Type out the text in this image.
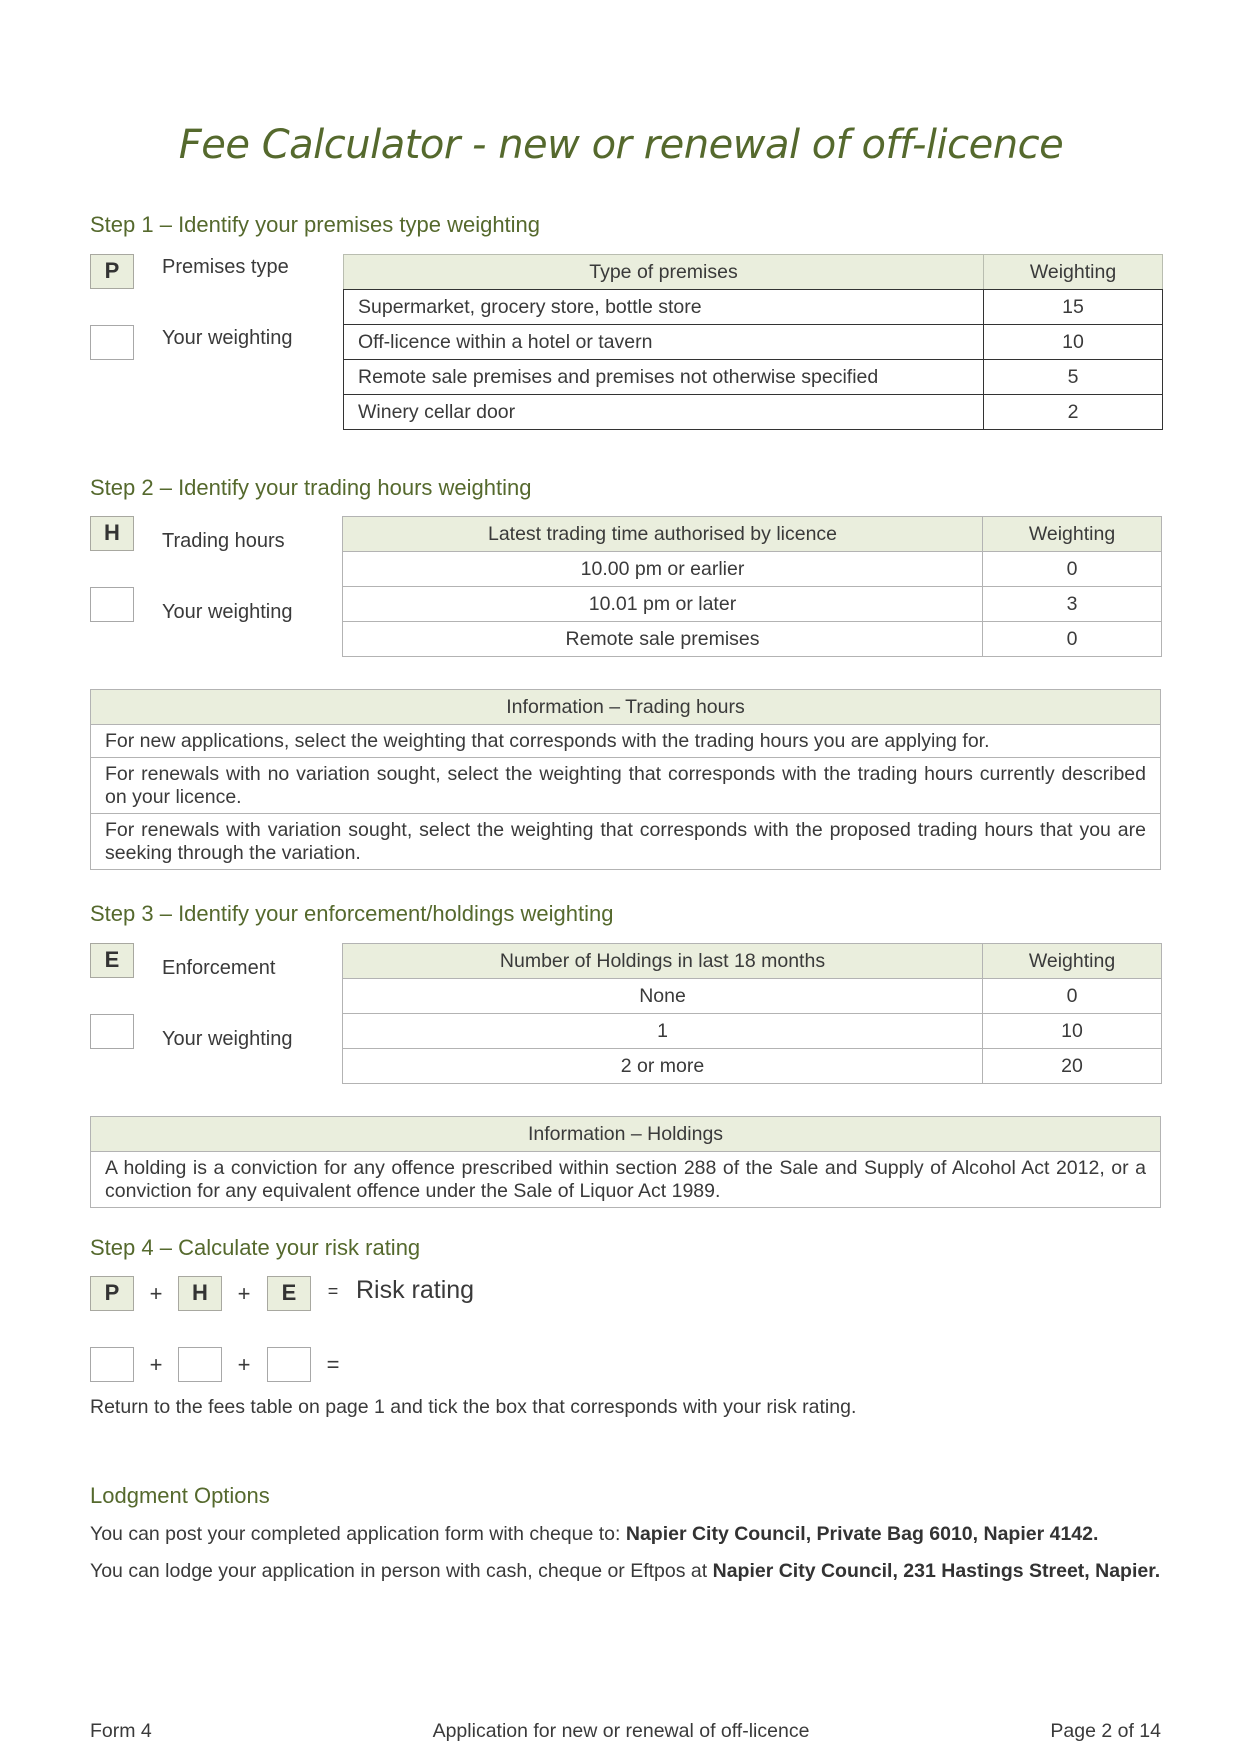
Fee Calculator - new or renewal of off-licence
Step 1 – Identify your premises type weighting
P	Premises type
Your weighting
Type of premises	Weighting
Supermarket, grocery store, bottle store	15
Off-licence within a hotel or tavern	10
Remote sale premises and premises not otherwise specified	5
Winery cellar door	2
Step 2 – Identify your trading hours weighting
H	Trading hours
Your weighting
Latest trading time authorised by licence	Weighting
10.00 pm or earlier	0
10.01 pm or later	3
Remote sale premises	0
Information – Trading hours
For new applications, select the weighting that corresponds with the trading hours you are applying for.
For renewals with no variation sought, select the weighting that corresponds with the trading hours currently described on your licence.
For renewals with variation sought, select the weighting that corresponds with the proposed trading hours that you are seeking through the variation.
Step 3 – Identify your enforcement/holdings weighting
E	Enforcement
Your weighting
Number of Holdings in last 18 months	Weighting
None	0
1	10
2 or more	20
Information – Holdings
A holding is a conviction for any offence prescribed within section 288 of the Sale and Supply of Alcohol Act 2012, or a conviction for any equivalent offence under the Sale of Liquor Act 1989.
Step 4 – Calculate your risk rating
P	+	H	+	E	= Risk rating
+	+	=
Return to the fees table on page 1 and tick the box that corresponds with your risk rating.
Lodgment Options
You can post your completed application form with cheque to: Napier City Council, Private Bag 6010, Napier 4142.
You can lodge your application in person with cash, cheque or Eftpos at Napier City Council, 231 Hastings Street, Napier.
Form 4	Application for new or renewal of off-licence	Page 2 of 14
